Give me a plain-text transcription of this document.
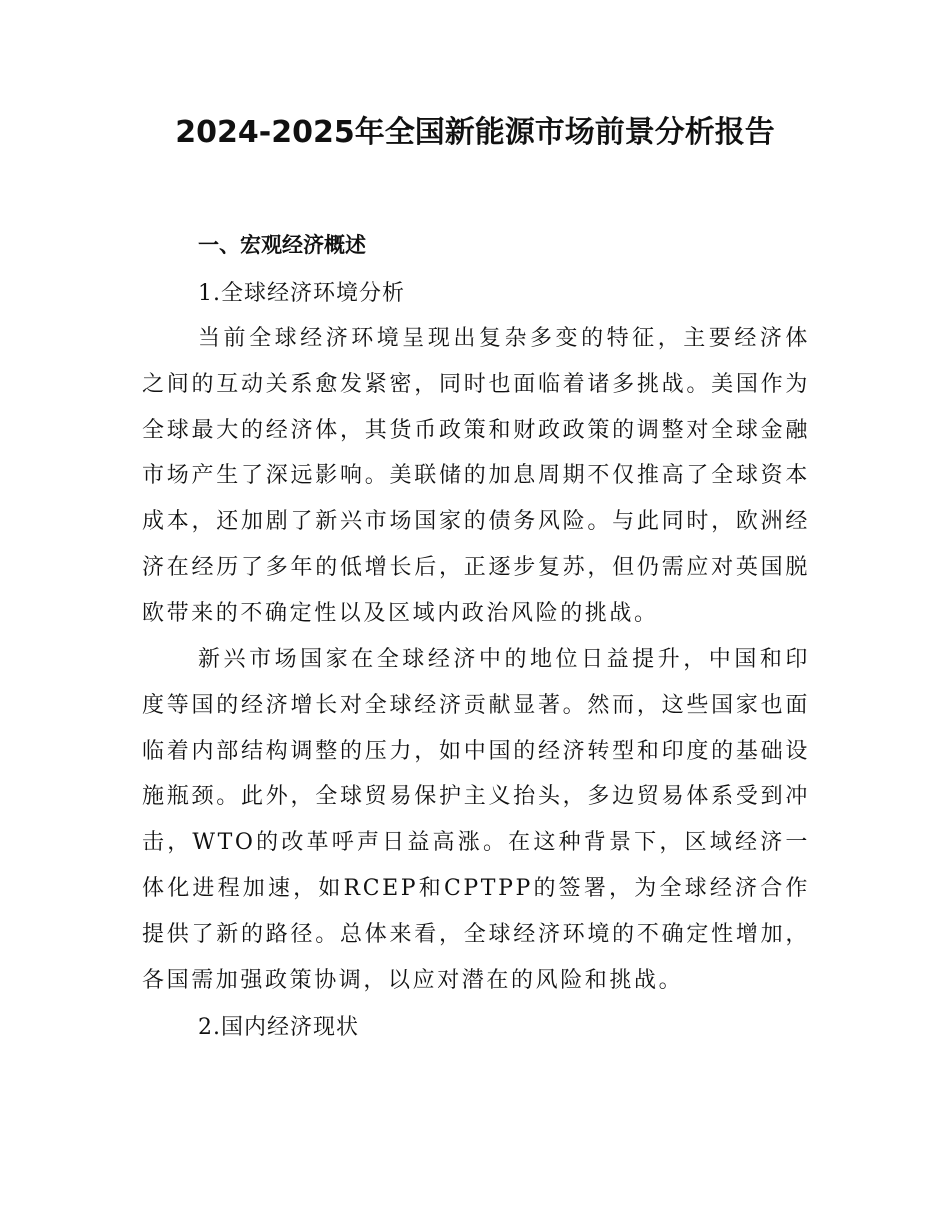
2024-2025年全国新能源市场前景分析报告
一、宏观经济概述
1.全球经济环境分析

当前全球经济环境呈现出复杂多变的特征，主要经济体之间的互动关系愈发紧密，同时也面临着诸多挑战。美国作为全球最大的经济体，其货币政策和财政政策的调整对全球金融市场产生了深远影响。美联储的加息周期不仅推高了全球资本成本，还加剧了新兴市场国家的债务风险。与此同时，欧洲经济在经历了多年的低增长后，正逐步复苏，但仍需应对英国脱欧带来的不确定性以及区域内政治风险的挑战。

新兴市场国家在全球经济中的地位日益提升，中国和印度等国的经济增长对全球经济贡献显著。然而，这些国家也面临着内部结构调整的压力，如中国的经济转型和印度的基础设施瓶颈。此外，全球贸易保护主义抬头，多边贸易体系受到冲击，WTO的改革呼声日益高涨。在这种背景下，区域经济一体化进程加速，如RCEP和CPTPP的签署，为全球经济合作提供了新的路径。总体来看，全球经济环境的不确定性增加，各国需加强政策协调，以应对潜在的风险和挑战。

2.国内经济现状
